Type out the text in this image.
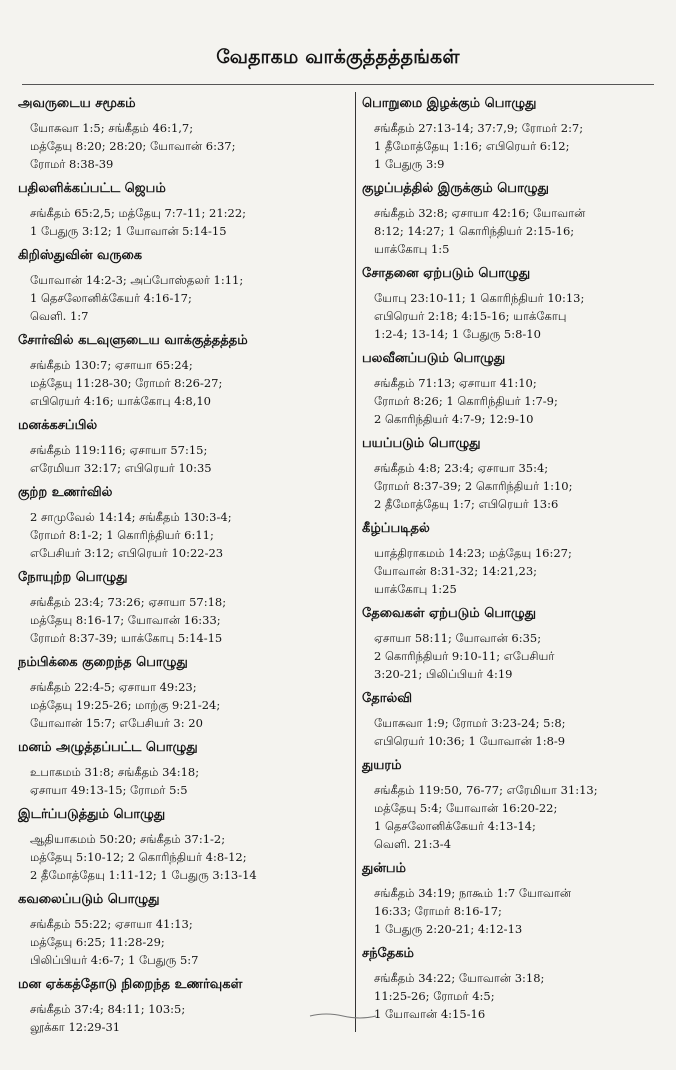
வேதாகம வாக்குத்தத்தங்கள்
அவருடைய சமூகம்
யோசுவா 1:5; சங்கீதம் 46:1,7;
மத்தேயு 8:20; 28:20; யோவான் 6:37;
ரோமர் 8:38-39
பதிலளிக்கப்பட்ட ஜெபம்
சங்கீதம் 65:2,5; மத்தேயு 7:7-11; 21:22;
1 பேதுரு 3:12; 1 யோவான் 5:14-15
கிறிஸ்துவின் வருகை
யோவான் 14:2-3; அப்போஸ்தலர் 1:11;
1 தெசலோனிக்கேயர் 4:16-17;
வெளி. 1:7
சோர்வில் கடவுளுடைய வாக்குத்தத்தம்
சங்கீதம் 130:7; ஏசாயா 65:24;
மத்தேயு 11:28-30; ரோமர் 8:26-27;
எபிரெயர் 4:16; யாக்கோபு 4:8,10
மனக்கசப்பில்
சங்கீதம் 119:116; ஏசாயா 57:15;
எரேமியா 32:17; எபிரெயர் 10:35
குற்ற உணர்வில்
2 சாமுவேல் 14:14; சங்கீதம் 130:3-4;
ரோமர் 8:1-2; 1 கொரிந்தியர் 6:11;
எபேசியர் 3:12; எபிரெயர் 10:22-23
நோயுற்ற பொழுது
சங்கீதம் 23:4; 73:26; ஏசாயா 57:18;
மத்தேயு 8:16-17; யோவான் 16:33;
ரோமர் 8:37-39; யாக்கோபு 5:14-15
நம்பிக்கை குறைந்த பொழுது
சங்கீதம் 22:4-5; ஏசாயா 49:23;
மத்தேயு 19:25-26; மாற்கு 9:21-24;
யோவான் 15:7; எபேசியர் 3: 20
மனம் அழுத்தப்பட்ட பொழுது
உபாகமம் 31:8; சங்கீதம் 34:18;
ஏசாயா 49:13-15; ரோமர் 5:5
இடர்ப்படுத்தும் பொழுது
ஆதியாகமம் 50:20; சங்கீதம் 37:1-2;
மத்தேயு 5:10-12; 2 கொரிந்தியர் 4:8-12;
2 தீமோத்தேயு 1:11-12; 1 பேதுரு 3:13-14
கவலைப்படும் பொழுது
சங்கீதம் 55:22; ஏசாயா 41:13;
மத்தேயு 6:25; 11:28-29;
பிலிப்பியர் 4:6-7; 1 பேதுரு 5:7
மன ஏக்கத்தோடு நிறைந்த உணர்வுகள்
சங்கீதம் 37:4; 84:11; 103:5;
லூக்கா 12:29-31
பொறுமை இழக்கும் பொழுது
சங்கீதம் 27:13-14; 37:7,9; ரோமர் 2:7;
1 தீமோத்தேயு 1:16; எபிரெயர் 6:12;
1 பேதுரு 3:9
குழப்பத்தில் இருக்கும் பொழுது
சங்கீதம் 32:8; ஏசாயா 42:16; யோவான்
8:12; 14:27; 1 கொரிந்தியர் 2:15-16;
யாக்கோபு 1:5
சோதனை ஏற்படும் பொழுது
யோபு 23:10-11; 1 கொரிந்தியர் 10:13;
எபிரெயர் 2:18; 4:15-16; யாக்கோபு
1:2-4; 13-14; 1 பேதுரு 5:8-10
பலவீனப்படும் பொழுது
சங்கீதம் 71:13; ஏசாயா 41:10;
ரோமர் 8:26; 1 கொரிந்தியர் 1:7-9;
2 கொரிந்தியர் 4:7-9; 12:9-10
பயப்படும் பொழுது
சங்கீதம் 4:8; 23:4; ஏசாயா 35:4;
ரோமர் 8:37-39; 2 கொரிந்தியர் 1:10;
2 தீமோத்தேயு 1:7; எபிரெயர் 13:6
கீழ்ப்படிதல்
யாத்திராகமம் 14:23; மத்தேயு 16:27;
யோவான் 8:31-32; 14:21,23;
யாக்கோபு 1:25
தேவைகள் ஏற்படும் பொழுது
ஏசாயா 58:11; யோவான் 6:35;
2 கொரிந்தியர் 9:10-11; எபேசியர்
3:20-21; பிலிப்பியர் 4:19
தோல்வி
யோசுவா 1:9; ரோமர் 3:23-24; 5:8;
எபிரெயர் 10:36; 1 யோவான் 1:8-9
துயரம்
சங்கீதம் 119:50, 76-77; எரேமியா 31:13;
மத்தேயு 5:4; யோவான் 16:20-22;
1 தெசலோனிக்கேயர் 4:13-14;
வெளி. 21:3-4
துன்பம்
சங்கீதம் 34:19; நாகூம் 1:7 யோவான்
16:33; ரோமர் 8:16-17;
1 பேதுரு 2:20-21; 4:12-13
சந்தேகம்
சங்கீதம் 34:22; யோவான் 3:18;
11:25-26; ரோமர் 4:5;
1 யோவான் 4:15-16
